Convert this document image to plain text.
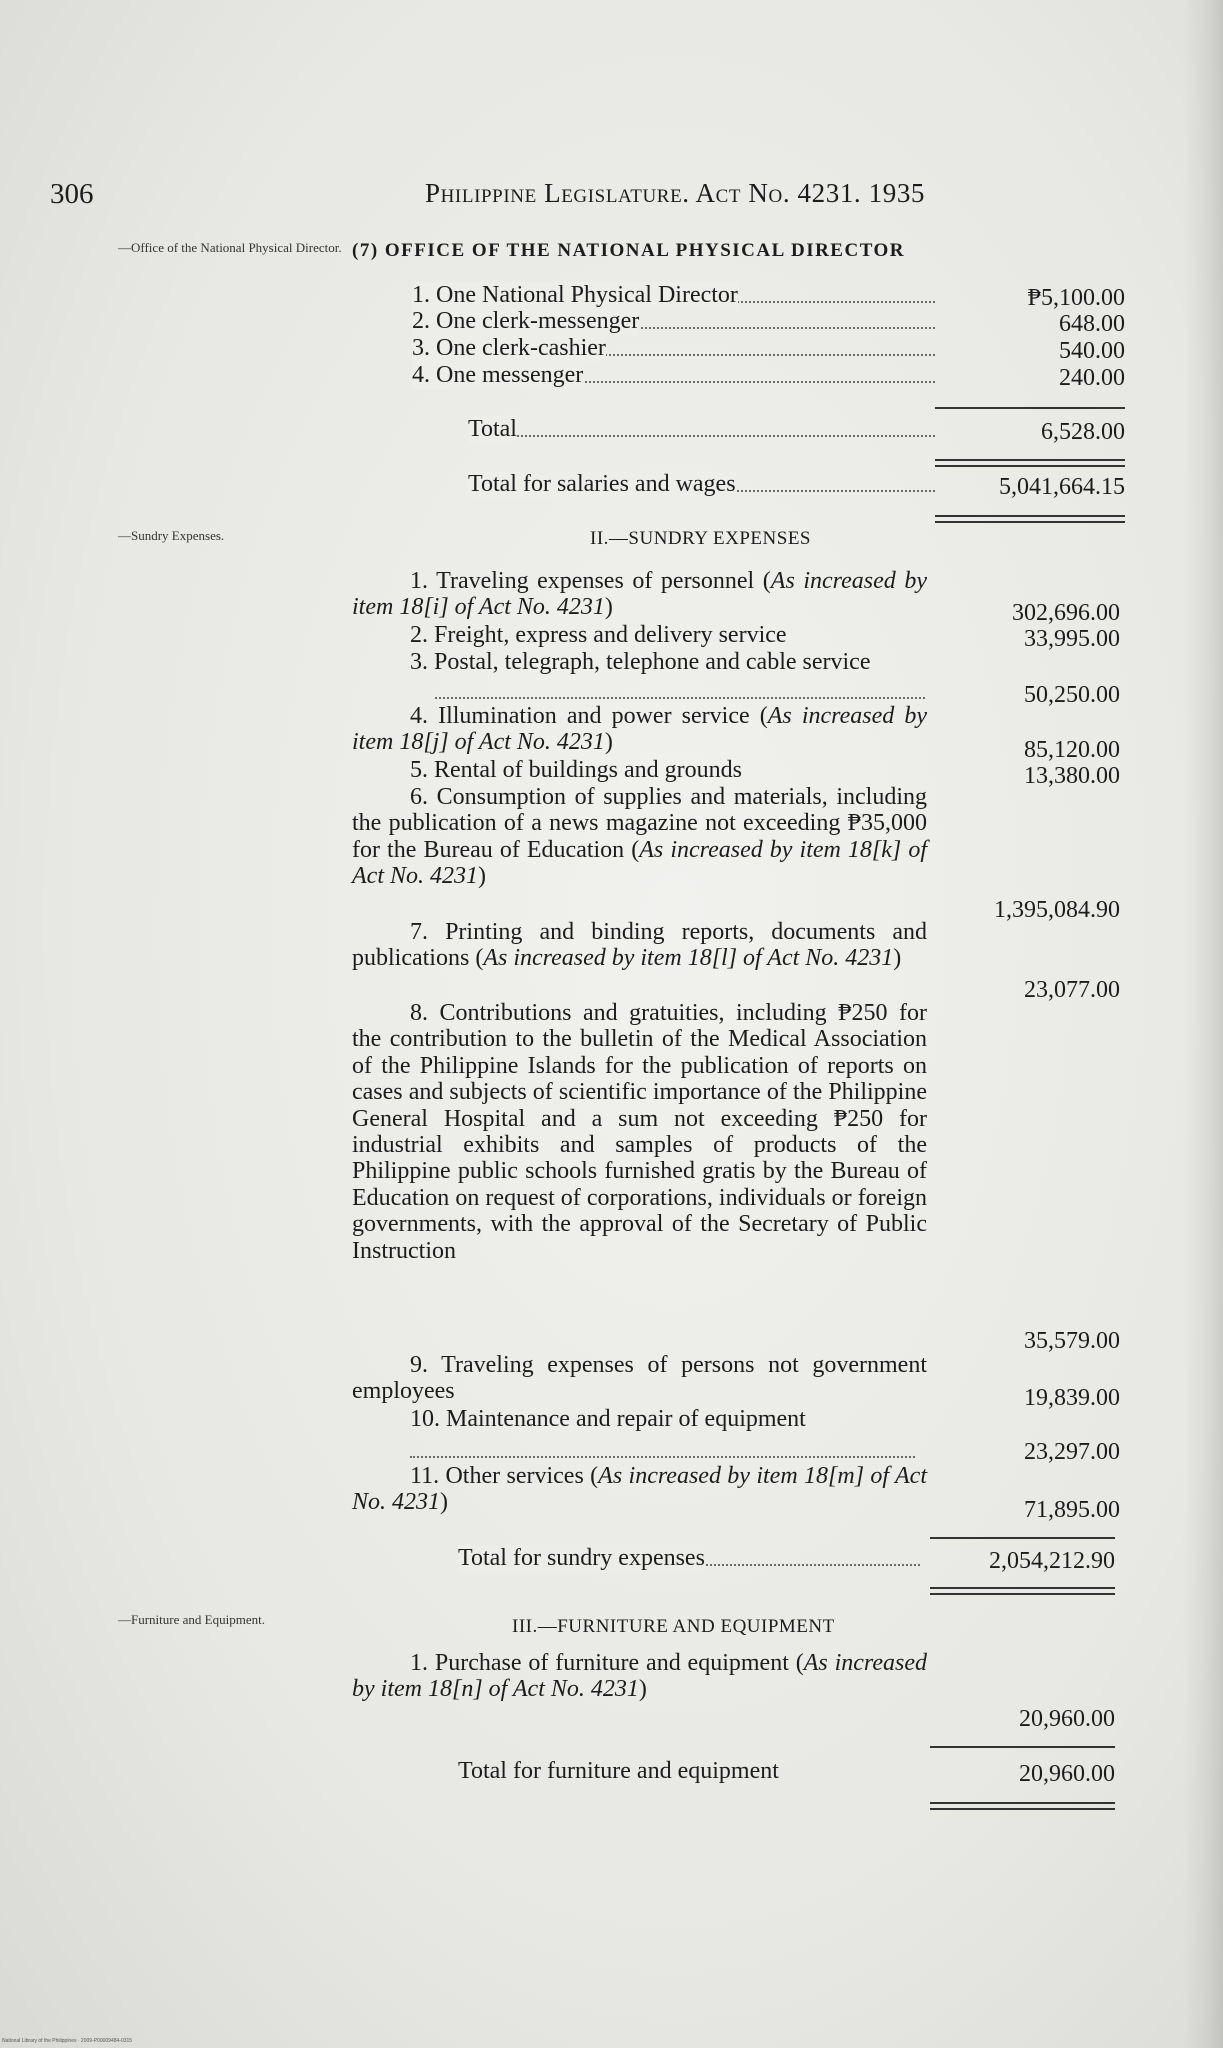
306	Philippine Legislature. Act No. 4231. 1935
—Office of the National Physical Director.
—Sundry Expenses.
—Furniture and Equipment.
(7) OFFICE OF THE NATIONAL PHYSICAL DIRECTOR
1. One National Physical Director	₱5,100.00
2. One clerk-messenger	648.00
3. One clerk-cashier	540.00
4. One messenger	240.00
Total	6,528.00
Total for salaries and wages	5,041,664.15
II.—SUNDRY EXPENSES
1. Traveling expenses of personnel (As increased by item 18[i] of Act No. 4231)	302,696.00
2. Freight, express and delivery service	33,995.00
3. Postal, telegraph, telephone and cable service
50,250.00
4. Illumination and power service (As increased by item 18[j] of Act No. 4231)	85,120.00
5. Rental of buildings and grounds	13,380.00
6. Consumption of supplies and materials, including the publication of a news magazine not exceeding ₱35,000 for the Bureau of Education (As increased by item 18[k] of Act No. 4231)
1,395,084.90
7. Printing and binding reports, documents and publications (As increased by item 18[l] of Act No. 4231)
23,077.00
8. Contributions and gratuities, including ₱250 for the contribution to the bulletin of the Medical Association of the Philippine Islands for the publication of reports on cases and subjects of scientific importance of the Philippine General Hospital and a sum not exceeding ₱250 for industrial exhibits and samples of products of the Philippine public schools furnished gratis by the Bureau of Education on request of corporations, individuals or foreign governments, with the approval of the Secretary of Public Instruction
35,579.00
9. Traveling expenses of persons not government employees	19,839.00
10. Maintenance and repair of equipment
23,297.00
11. Other services (As increased by item 18[m] of Act No. 4231)	71,895.00
Total for sundry expenses	2,054,212.90
III.—FURNITURE AND EQUIPMENT
1. Purchase of furniture and equipment (As increased by item 18[n] of Act No. 4231)
20,960.00
Total for furniture and equipment	20,960.00
National Library of the Philippines · 2009-P00009484-0315
